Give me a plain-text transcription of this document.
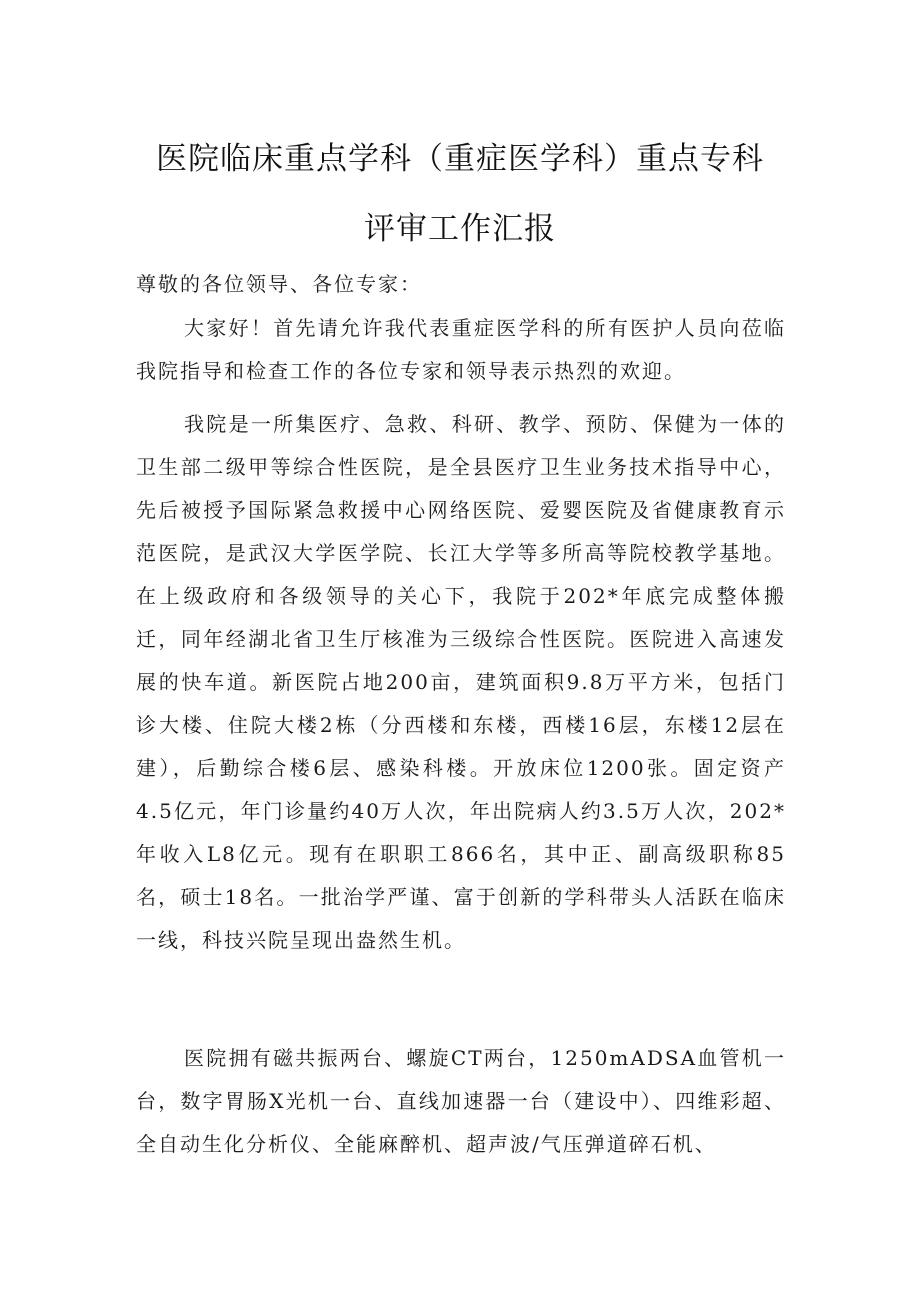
医院临床重点学科（重症医学科）重点专科
评审工作汇报
尊敬的各位领导、各位专家：

大家好！首先请允许我代表重症医学科的所有医护人员向莅临我院指导和检查工作的各位专家和领导表示热烈的欢迎。

我院是一所集医疗、急救、科研、教学、预防、保健为一体的卫生部二级甲等综合性医院，是全县医疗卫生业务技术指导中心，先后被授予国际紧急救援中心网络医院、爱婴医院及省健康教育示范医院，是武汉大学医学院、长江大学等多所高等院校教学基地。在上级政府和各级领导的关心下，我院于202*年底完成整体搬迁，同年经湖北省卫生厅核准为三级综合性医院。医院进入高速发展的快车道。新医院占地200亩，建筑面积9.8万平方米，包括门诊大楼、住院大楼2栋（分西楼和东楼，西楼16层，东楼12层在建），后勤综合楼6层、感染科楼。开放床位1200张。固定资产4.5亿元，年门诊量约40万人次，年出院病人约3.5万人次，202*年收入L8亿元。现有在职职工866名，其中正、副高级职称85名，硕士18名。一批治学严谨、富于创新的学科带头人活跃在临床一线，科技兴院呈现出盎然生机。

医院拥有磁共振两台、螺旋CT两台，1250mADSA血管机一台，数字胃肠X光机一台、直线加速器一台（建设中）、四维彩超、全自动生化分析仪、全能麻醉机、超声波/气压弹道碎石机、
